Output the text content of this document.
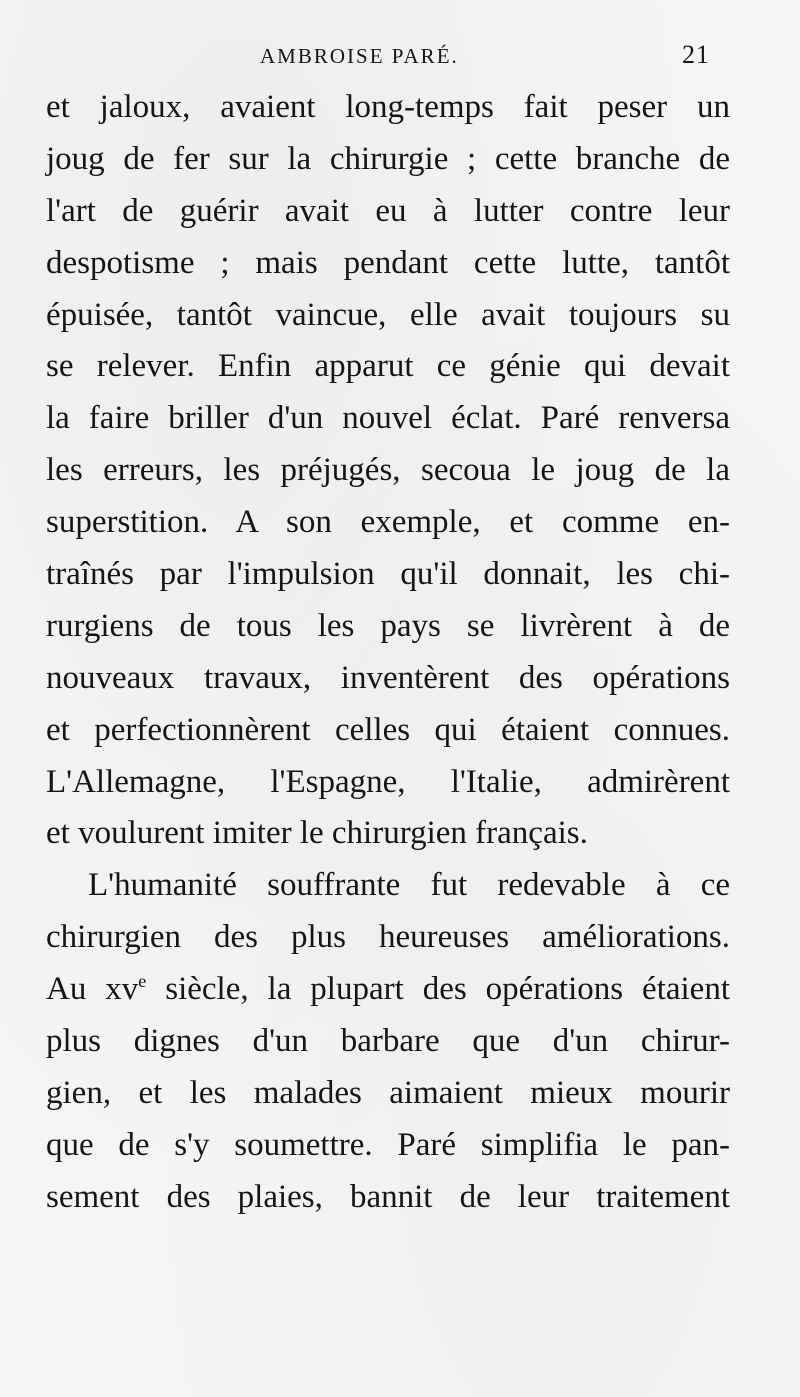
AMBROISE PARÉ.	21
et jaloux, avaient long-temps fait peser un
joug de fer sur la chirurgie ; cette branche de
l'art de guérir avait eu à lutter contre leur
despotisme ; mais pendant cette lutte, tantôt
épuisée, tantôt vaincue, elle avait toujours su
se relever. Enfin apparut ce génie qui devait
la faire briller d'un nouvel éclat. Paré renversa
les erreurs, les préjugés, secoua le joug de la
superstition. A son exemple, et comme en-
traînés par l'impulsion qu'il donnait, les chi-
rurgiens de tous les pays se livrèrent à de
nouveaux travaux, inventèrent des opérations
et perfectionnèrent celles qui étaient connues.
L'Allemagne, l'Espagne, l'Italie, admirèrent
et voulurent imiter le chirurgien français.
L'humanité souffrante fut redevable à ce
chirurgien des plus heureuses améliorations.
Au $xv^e$ siècle, la plupart des opérations étaient
plus dignes d'un barbare que d'un chirur-
gien, et les malades aimaient mieux mourir
que de s'y soumettre. Paré simplifia le pan-
sement des plaies, bannit de leur traitement
